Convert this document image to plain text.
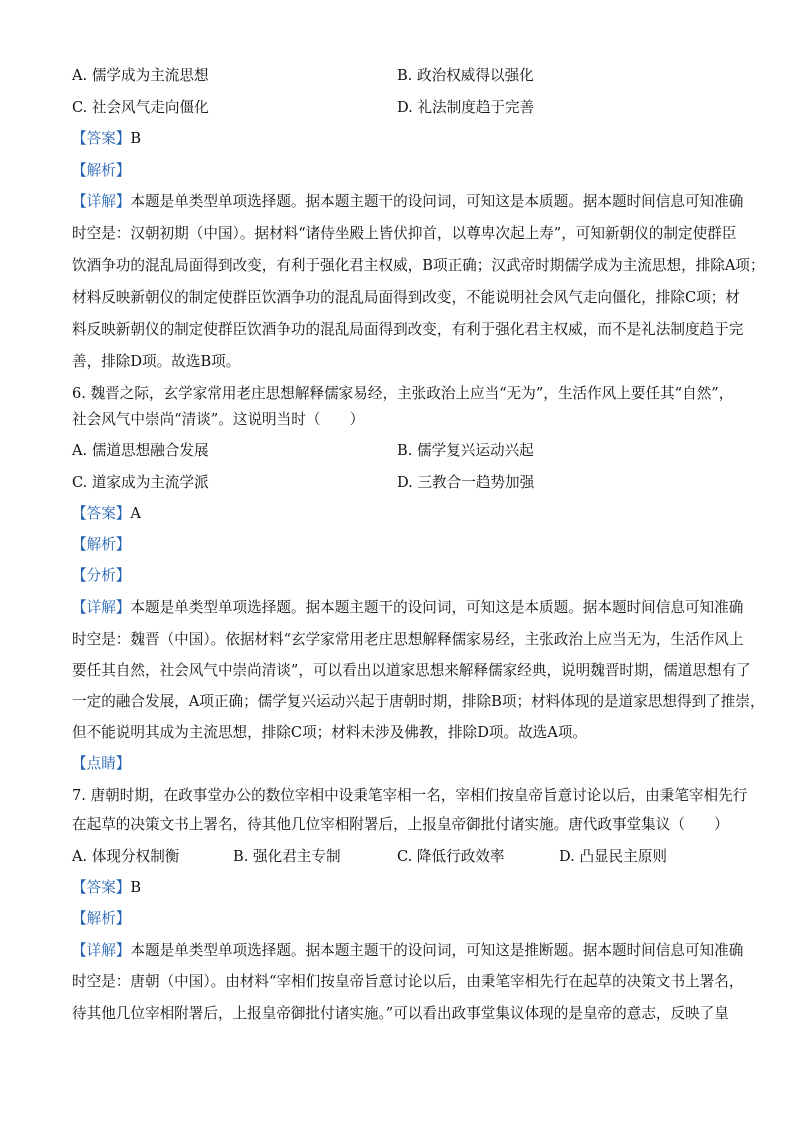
A. 儒学成为主流思想	B. 政治权威得以强化
C. 社会风气走向僵化	D. 礼法制度趋于完善
【答案】B
【解析】
【详解】本题是单类型单项选择题。据本题主题干的设问词，可知这是本质题。据本题时间信息可知准确
时空是：汉朝初期（中国）。据材料“诸侍坐殿上皆伏抑首，以尊卑次起上寿”，可知新朝仪的制定使群臣
饮酒争功的混乱局面得到改变，有利于强化君主权威，B项正确；汉武帝时期儒学成为主流思想，排除A项；
材料反映新朝仪的制定使群臣饮酒争功的混乱局面得到改变，不能说明社会风气走向僵化，排除C项；材
料反映新朝仪的制定使群臣饮酒争功的混乱局面得到改变，有利于强化君主权威，而不是礼法制度趋于完
善，排除D项。故选B项。
6. 魏晋之际，玄学家常用老庄思想解释儒家易经，主张政治上应当“无为”，生活作风上要任其“自然”，
社会风气中崇尚“清谈”。这说明当时（　　）
A. 儒道思想融合发展	B. 儒学复兴运动兴起
C. 道家成为主流学派	D. 三教合一趋势加强
【答案】A
【解析】
【分析】
【详解】本题是单类型单项选择题。据本题主题干的设问词，可知这是本质题。据本题时间信息可知准确
时空是：魏晋（中国）。依据材料“玄学家常用老庄思想解释儒家易经，主张政治上应当无为，生活作风上
要任其自然，社会风气中崇尚清谈”，可以看出以道家思想来解释儒家经典，说明魏晋时期，儒道思想有了
一定的融合发展，A项正确；儒学复兴运动兴起于唐朝时期，排除B项；材料体现的是道家思想得到了推崇，
但不能说明其成为主流思想，排除C项；材料未涉及佛教，排除D项。故选A项。
【点睛】
7. 唐朝时期，在政事堂办公的数位宰相中设秉笔宰相一名，宰相们按皇帝旨意讨论以后，由秉笔宰相先行
在起草的决策文书上署名，待其他几位宰相附署后，上报皇帝御批付诸实施。唐代政事堂集议（　　）
A. 体现分权制衡	B. 强化君主专制	C. 降低行政效率	D. 凸显民主原则
【答案】B
【解析】
【详解】本题是单类型单项选择题。据本题主题干的设问词，可知这是推断题。据本题时间信息可知准确
时空是：唐朝（中国）。由材料“宰相们按皇帝旨意讨论以后，由秉笔宰相先行在起草的决策文书上署名，
待其他几位宰相附署后，上报皇帝御批付诸实施。”可以看出政事堂集议体现的是皇帝的意志，反映了皇
